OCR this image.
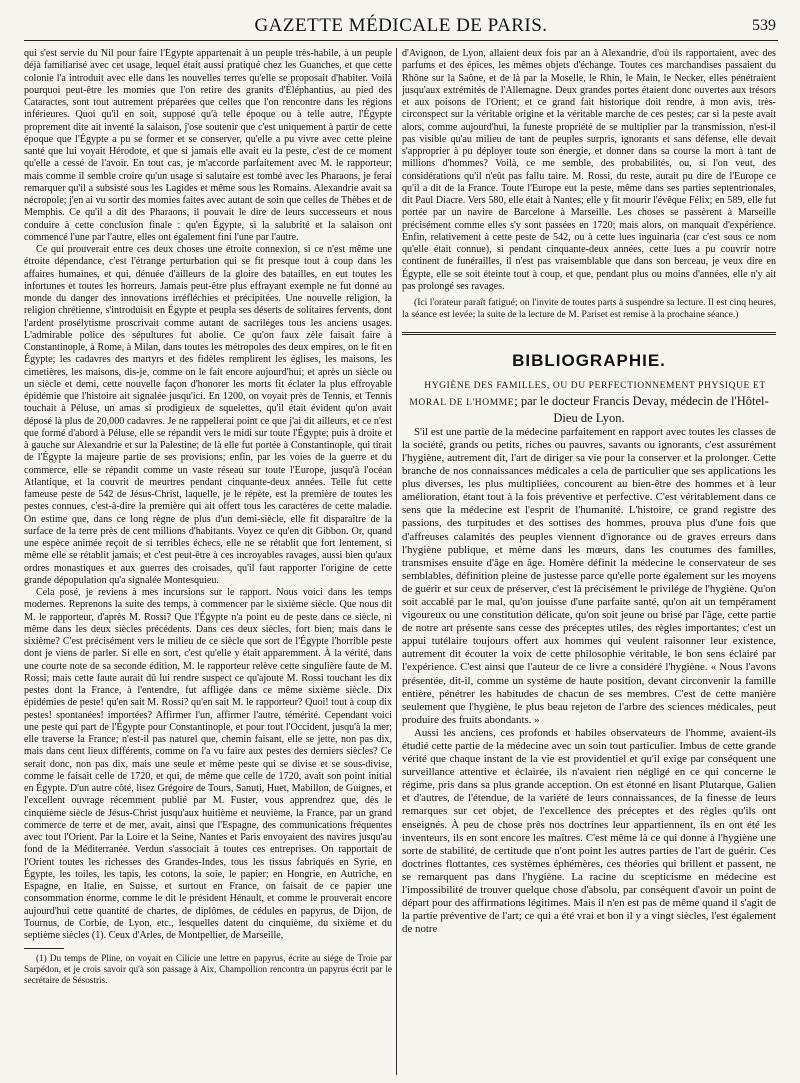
GAZETTE MÉDICALE DE PARIS.	539

qui s'est servie du Nil pour faire l'Égypte appartenait à un peuple très-habile, à un peuple déjà familiarisé avec cet usage, lequel était aussi pratiqué chez les Guanches, et que cette colonie l'a introduit avec elle dans les nouvelles terres qu'elle se proposait d'habiter. Voilà pourquoi peut-être les momies que l'on retire des granits d'Éléphantius, au pied des Cataractes, sont tout autrement préparées que celles que l'on rencontre dans les régions inférieures. Quoi qu'il en soit, supposé qu'à telle époque ou à telle autre, l'Égypte proprement dite ait inventé la salaison, j'ose soutenir que c'est uniquement à partir de cette époque que l'Égypte a pu se former et se conserver, qu'elle a pu vivre avec cette pleine santé que lui voyait Hérodote, et que si jamais elle avait eu la peste, c'est de ce moment qu'elle a cessé de l'avoir. En tout cas, je m'accorde parfaitement avec M. le rapporteur; mais comme il semble croire qu'un usage si salutaire est tombé avec les Pharaons, je ferai remarquer qu'il a subsisté sous les Lagides et même sous les Romains. Alexandrie avait sa nécropole; j'en ai vu sortir des momies faites avec autant de soin que celles de Thèbes et de Memphis. Ce qu'il a dit des Pharaons, il pouvait le dire de leurs successeurs et nous conduire à cette conclusion finale : qu'en Égypte, si la salubrité et la salaison ont commencé l'une par l'autre, elles ont également fini l'une par l'autre.

Ce qui prouverait entre ces deux choses une étroite connexion, si ce n'est même une étroite dépendance, c'est l'étrange perturbation qui se fit presque tout à coup dans les affaires humaines, et qui, dénuée d'ailleurs de la gloire des batailles, en eut toutes les infortunes et toutes les horreurs. Jamais peut-être plus effrayant exemple ne fut donné au monde du danger des innovations irréfléchies et précipitées. Une nouvelle religion, la religion chrétienne, s'introduisit en Égypte et peupla ses déserts de solitaires fervents, dont l'ardent prosélytisme proscrivait comme autant de sacriléges tous les anciens usages. L'admirable police des sépultures fut abolie. Ce qu'on faux zèle faisait faire à Constantinople, à Rome, à Milan, dans toutes les métropoles des deux empires, on le fit en Égypte; les cadavres des martyrs et des fidèles remplirent les églises, les maisons, les cimetières, les maisons, dis-je, comme on le fait encore aujourd'hui; et après un siècle ou un siècle et demi, cette nouvelle façon d'honorer les morts fit éclater la plus effroyable épidémie que l'histoire ait signalée jusqu'ici. En 1200, on voyait près de Tennis, et Tennis touchait à Péluse, un amas si prodigieux de squelettes, qu'il était évident qu'on avait déposé là plus de 20,000 cadavres. Je ne rappellerai point ce que j'ai dit ailleurs, et ce n'est que formé d'abord à Péluse, elle se répandit vers le midi sur toute l'Égypte; puis à droite et à gauche sur Alexandrie et sur la Palestine; de là elle fut portée à Constantinople, qui tirait de l'Égypte la majeure partie de ses provisions; enfin, par les voies de la guerre et du commerce, elle se répandit comme un vaste réseau sur toute l'Europe, jusqu'à l'océan Atlantique, et la couvrit de meurtres pendant cinquante-deux années. Telle fut cette fameuse peste de 542 de Jésus-Christ, laquelle, je le répète, est la première de toutes les pestes connues, c'est-à-dire la première qui ait offert tous les caractères de cette maladie. On estime que, dans ce long règne de plus d'un demi-siècle, elle fit disparaître de la surface de la terre près de cent millions d'habitants. Voyez ce qu'en dit Gibbon. Or, quand une espèce animée reçoit de si terribles échecs, elle ne se rétablit que fort lentement, si même elle se rétablit jamais; et c'est peut-être à ces incroyables ravages, aussi bien qu'aux ordres monastiques et aux guerres des croisades, qu'il faut rapporter l'origine de cette grande dépopulation qu'a signalée Montesquieu.

Cela posé, je reviens à mes incursions sur le rapport. Nous voici dans les temps modernes. Reprenons la suite des temps, à commencer par le sixième siècle. Que nous dit M. le rapporteur, d'après M. Rossi? Que l'Égypte n'a point eu de peste dans ce siècle, ni même dans les deux siècles précédents. Dans ces deux siècles, fort bien; mais dans le sixième? C'est précisément vers le milieu de ce siècle que sort de l'Égypte l'horrible peste dont je viens de parler. Si elle en sort, c'est qu'elle y était apparemment. À la vérité, dans une courte note de sa seconde édition, M. le rapporteur relève cette singulière faute de M. Rossi; mais cette faute aurait dû lui rendre suspect ce qu'ajoute M. Rossi touchant les dix pestes dont la France, à l'entendre, fut affligée dans ce même sixième siècle. Dix épidémies de peste! qu'en sait M. Rossi? qu'en sait M. le rapporteur? Quoi! tout à coup dix pestes! spontanées! importées? Affirmer l'un, affirmer l'autre, témérité. Cependant voici une peste qui part de l'Égypte pour Constantinople, et pour tout l'Occident, jusqu'à la mer; elle traverse la France; n'est-il pas naturel que, chemin faisant, elle se jette, non pas dix, mais dans cent lieux différents, comme on l'a vu faire aux pestes des derniers siècles? Ce serait donc, non pas dix, mais une seule et même peste qui se divise et se sous-divise, comme le faisait celle de 1720, et qui, de même que celle de 1720, avait son point initial en Égypte. D'un autre côté, lisez Grégoire de Tours, Sanuti, Huet, Mabillon, de Guignes, et l'excellent ouvrage récemment publié par M. Fuster, vous apprendrez que, dès le cinquième siècle de Jésus-Christ jusqu'aux huitième et neuvième, la France, par un grand commerce de terre et de mer, avait, ainsi que l'Espagne, des communications fréquentes avec tout l'Orient. Par la Loire et la Seine, Nantes et Paris envoyaient des navires jusqu'au fond de la Méditerranée. Verdun s'associait à toutes ces entreprises. On rapportait de l'Orient toutes les richesses des Grandes-Indes, tous les tissus fabriqués en Syrie, en Égypte, les toiles, les tapis, les cotons, la soie, le papier; en Hongrie, en Autriche, en Espagne, en Italie, en Suisse, et surtout en France, on faisait de ce papier une consommation énorme, comme le dit le président Hénault, et comme le prouverait encore aujourd'hui cette quantité de chartes, de diplômes, de cédules en papyrus, de Dijon, de Tournus, de Corbie, de Lyon, etc., lesquelles datent du cinquième, du sixième et du septième siècles (1). Ceux d'Arles, de Montpellier, de Marseille,

(1) Du temps de Pline, on voyait en Cilicie une lettre en papyrus, écrite au siége de Troie par Sarpédon, et je crois savoir qu'à son passage à Aix, Champollion rencontra un papyrus écrit par le secrétaire de Sésostris.

d'Avignon, de Lyon, allaient deux fois par an à Alexandrie, d'où ils rapportaient, avec des parfums et des épices, les mêmes objets d'échange. Toutes ces marchandises passaient du Rhône sur la Saône, et de là par la Moselle, le Rhin, le Main, le Necker, elles pénétraient jusqu'aux extrémités de l'Allemagne. Deux grandes portes étaient donc ouvertes aux trésors et aux poisons de l'Orient; et ce grand fait historique doit rendre, à mon avis, très-circonspect sur la véritable origine et la véritable marche de ces pestes; car si la peste avait alors, comme aujourd'hui, la funeste propriété de se multiplier par la transmission, n'est-il pas visible qu'au milieu de tant de peuples surpris, ignorants et sans défense, elle devait s'approprier à pu déployer toute son énergie, et donner dans sa course la mort à tant de millions d'hommes? Voilà, ce me semble, des probabilités, ou, si l'on veut, des considérations qu'il n'eût pas fallu taire. M. Rossi, du reste, aurait pu dire de l'Europe ce qu'il a dit de la France. Toute l'Europe eut la peste, même dans ses parties septentrionales, dit Paul Diacre. Vers 580, elle était à Nantes; elle y fit mourir l'évêque Félix; en 589, elle fut portée par un navire de Barcelone à Marseille. Les choses se passèrent à Marseille précisément comme elles s'y sont passées en 1720; mais alors, on manquait d'expérience. Enfin, relativement à cette peste de 542, ou à cette lues inguinaria (car c'est sous ce nom qu'elle était connue), si pendant cinquante-deux années, cette lues a pu couvrir notre continent de funérailles, il n'est pas vraisemblable que dans son berceau, je veux dire en Égypte, elle se soit éteinte tout à coup, et que, pendant plus ou moins d'années, elle n'y ait pas prolongé ses ravages.

(Ici l'orateur paraît fatigué; on l'invite de toutes parts à suspendre sa lecture. Il est cinq heures, la séance est levée; la suite de la lecture de M. Pariset est remise à la prochaine séance.)

BIBLIOGRAPHIE.

HYGIÈNE DES FAMILLES, OU DU PERFECTIONNEMENT PHYSIQUE ET MORAL DE L'HOMME; par le docteur Francis Devay, médecin de l'Hôtel-Dieu de Lyon.

S'il est une partie de la médecine parfaitement en rapport avec toutes les classes de la société, grands ou petits, riches ou pauvres, savants ou ignorants, c'est assurément l'hygiène, autrement dit, l'art de diriger sa vie pour la conserver et la prolonger. Cette branche de nos connaissances médicales a cela de particulier que ses applications les plus diverses, les plus multipliées, concourent au bien-être des hommes et à leur amélioration, étant tout à la fois préventive et perfective. C'est véritablement dans ce sens que la médecine est l'esprit de l'humanité. L'histoire, ce grand registre des passions, des turpitudes et des sottises des hommes, prouva plus d'une fois que d'affreuses calamités des peuples viennent d'ignorance ou de graves erreurs dans l'hygiène publique, et même dans les mœurs, dans les coutumes des familles, transmises ensuite d'âge en âge. Homère définit la médecine le conservateur de ses semblables, définition pleine de justesse parce qu'elle porte également sur les moyens de guérir et sur ceux de préserver, c'est là précisément le privilége de l'hygiène. Qu'on soit accablé par le mal, qu'on jouisse d'une parfaite santé, qu'on ait un tempérament vigoureux ou une constitution délicate, qu'on soit jeune ou brisé par l'âge, cette partie de notre art présente sans cesse des préceptes utiles, des règles importantes; c'est un appui tutélaire toujours offert aux hommes qui veulent raisonner leur existence, autrement dit écouter la voix de cette philosophie véritable, le bon sens éclairé par l'expérience. C'est ainsi que l'auteur de ce livre a considéré l'hygiène. « Nous l'avons présentée, dit-il, comme un système de haute position, devant circonvenir la famille entière, pénétrer les habitudes de chacun de ses membres. C'est de cette manière seulement que l'hygiène, le plus beau rejeton de l'arbre des sciences médicales, peut produire des fruits abondants. »

Aussi les anciens, ces profonds et habiles observateurs de l'homme, avaient-ils étudié cette partie de la médecine avec un soin tout particulier. Imbus de cette grande vérité que chaque instant de la vie est providentiel et qu'il exige par conséquent une surveillance attentive et éclairée, ils n'avaient rien négligé en ce qui concerne le régime, pris dans sa plus grande acception. On est étonné en lisant Plutarque, Galien et d'autres, de l'étendue, de la variété de leurs connaissances, de la finesse de leurs remarques sur cet objet, de l'excellence des préceptes et des règles qu'ils ont enseignés. À peu de chose près nos doctrines leur appartiennent, ils en ont été les inventeurs, ils en sont encore les maîtres. C'est même là ce qui donne à l'hygiène une sorte de stabilité, de certitude que n'ont point les autres parties de l'art de guérir. Ces doctrines flottantes, ces systèmes éphémères, ces théories qui brillent et passent, ne se remarquent pas dans l'hygiène. La racine du scepticisme en médecine est l'impossibilité de trouver quelque chose d'absolu, par conséquent d'avoir un point de départ pour des affirmations légitimes. Mais il n'en est pas de même quand il s'agit de la partie préventive de l'art; ce qui a été vrai et bon il y a vingt siècles, l'est également de notre
